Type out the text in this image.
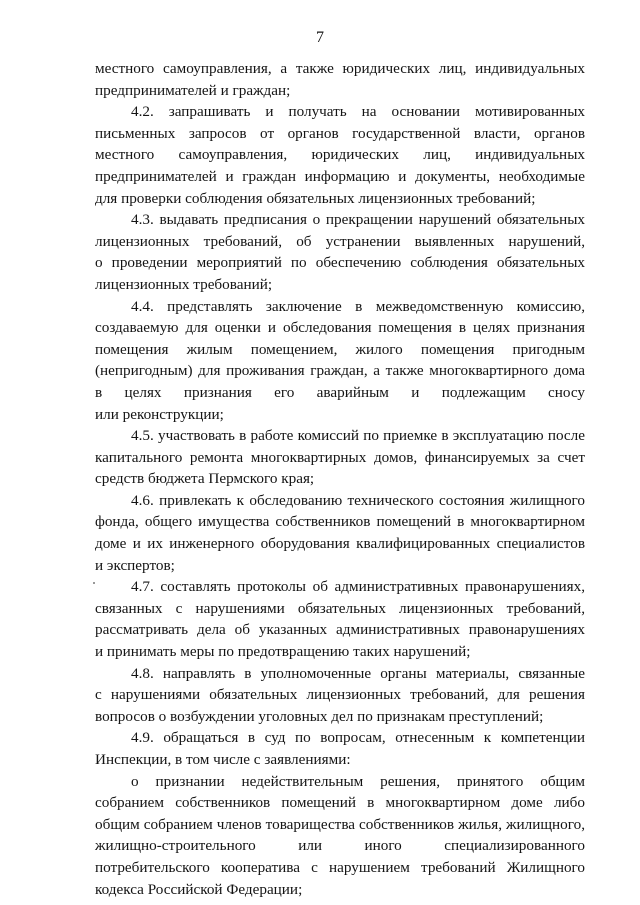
7
местного самоуправления, а также юридических лиц, индивидуальных
предпринимателей и граждан;
4.2. запрашивать и получать на основании мотивированных
письменных запросов от органов государственной власти, органов
местного самоуправления, юридических лиц, индивидуальных
предпринимателей и граждан информацию и документы, необходимые
для проверки соблюдения обязательных лицензионных требований;
4.3. выдавать предписания о прекращении нарушений обязательных
лицензионных требований, об устранении выявленных нарушений,
о проведении мероприятий по обеспечению соблюдения обязательных
лицензионных требований;
4.4. представлять заключение в межведомственную комиссию,
создаваемую для оценки и обследования помещения в целях признания
помещения жилым помещением, жилого помещения пригодным
(непригодным) для проживания граждан, а также многоквартирного дома
в целях признания его аварийным и подлежащим сносу
или реконструкции;
4.5. участвовать в работе комиссий по приемке в эксплуатацию после
капитального ремонта многоквартирных домов, финансируемых за счет
средств бюджета Пермского края;
4.6. привлекать к обследованию технического состояния жилищного
фонда, общего имущества собственников помещений в многоквартирном
доме и их инженерного оборудования квалифицированных специалистов
и экспертов;
4.7. составлять протоколы об административных правонарушениях,
связанных с нарушениями обязательных лицензионных требований,
рассматривать дела об указанных административных правонарушениях
и принимать меры по предотвращению таких нарушений;
4.8. направлять в уполномоченные органы материалы, связанные
с нарушениями обязательных лицензионных требований, для решения
вопросов о возбуждении уголовных дел по признакам преступлений;
4.9. обращаться в суд по вопросам, отнесенным к компетенции
Инспекции, в том числе с заявлениями:
о признании недействительным решения, принятого общим
собранием собственников помещений в многоквартирном доме либо
общим собранием членов товарищества собственников жилья, жилищного,
жилищно-строительного или иного специализированного
потребительского кооператива с нарушением требований Жилищного
кодекса Российской Федерации;
